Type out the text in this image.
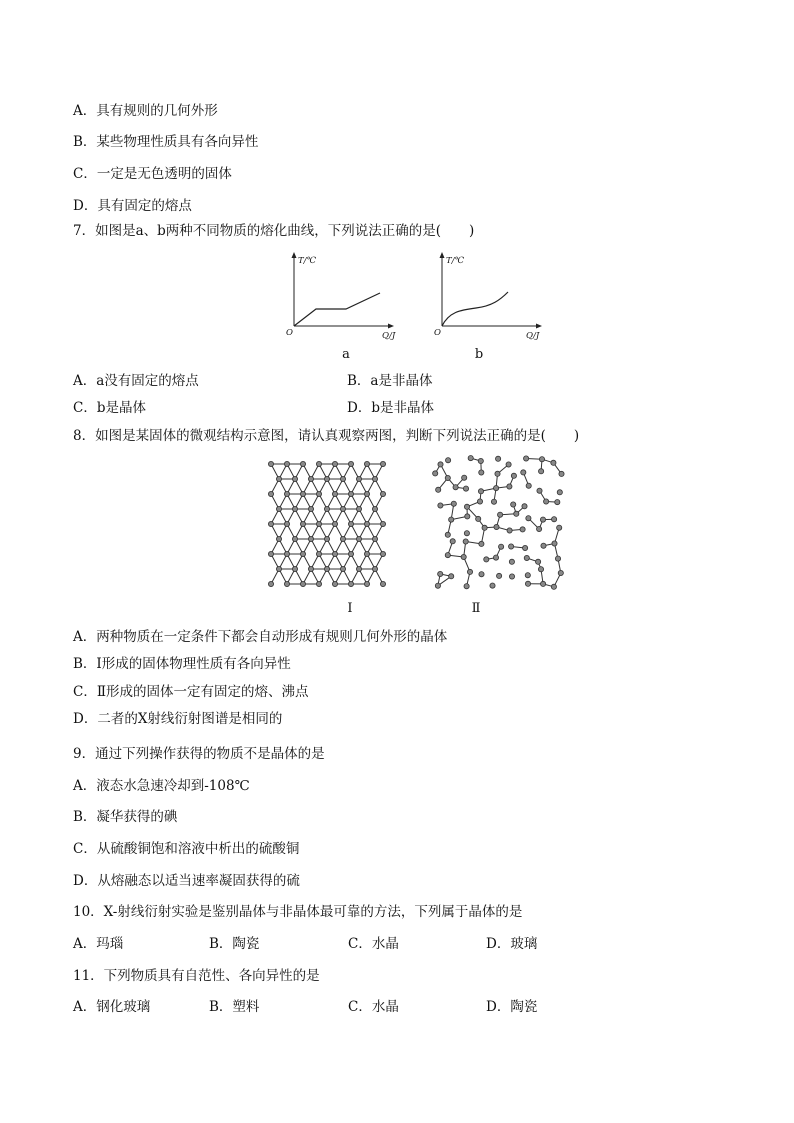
A．具有规则的几何外形

B．某些物理性质具有各向异性

C．一定是无色透明的固体

D．具有固定的熔点

7．如图是a、b两种不同物质的熔化曲线，下列说法正确的是( )

T/℃
O	Q/J
a
T/℃
O	Q/J
b
A．a没有固定的熔点	B．a是非晶体
C．b是晶体	D．b是非晶体

8．如图是某固体的微观结构示意图，请认真观察两图，判断下列说法正确的是( )

Ⅰ	Ⅱ

A．两种物质在一定条件下都会自动形成有规则几何外形的晶体

B．Ⅰ形成的固体物理性质有各向异性

C．Ⅱ形成的固体一定有固定的熔、沸点

D．二者的X射线衍射图谱是相同的

9．通过下列操作获得的物质不是晶体的是

A．液态水急速冷却到-108℃

B．凝华获得的碘

C．从硫酸铜饱和溶液中析出的硫酸铜

D．从熔融态以适当速率凝固获得的硫

10．X-射线衍射实验是鉴别晶体与非晶体最可靠的方法，下列属于晶体的是

A．玛瑙	B．陶瓷	C．水晶	D．玻璃

11．下列物质具有自范性、各向异性的是

A．钢化玻璃	B．塑料	C．水晶	D．陶瓷
